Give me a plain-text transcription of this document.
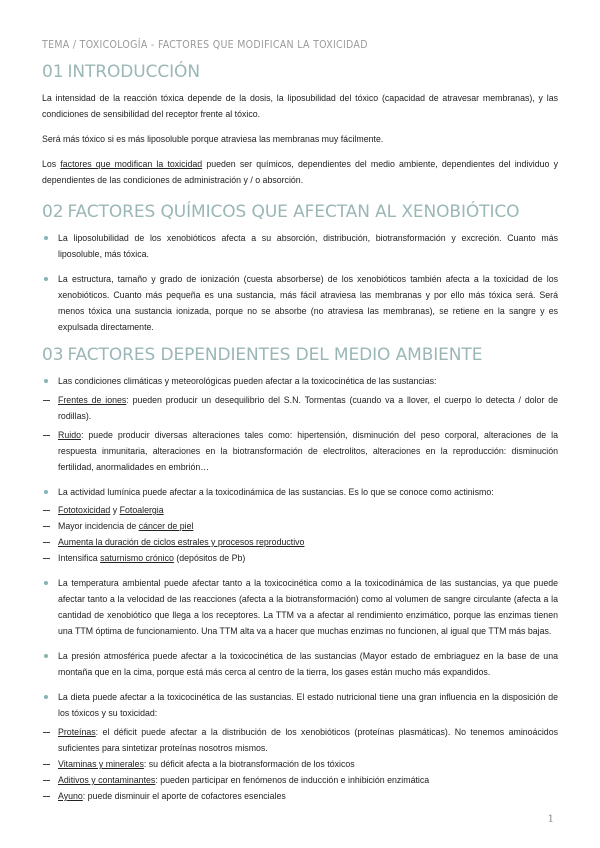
TEMA / TOXICOLOGÍA - FACTORES QUE MODIFICAN LA TOXICIDAD
01 INTRODUCCIÓN

La intensidad de la reacción tóxica depende de la dosis, la liposubilidad del tóxico (capacidad de atravesar membranas), y las condiciones de sensibilidad del receptor frente al tóxico.

Será más tóxico si es más liposoluble porque atraviesa las membranas muy fácilmente.

Los factores que modifican la toxicidad pueden ser químicos, dependientes del medio ambiente, dependientes del individuo y dependientes de las condiciones de administración y / o absorción.

02 FACTORES QUÍMICOS QUE AFECTAN AL XENOBIÓTICO
La liposolubilidad de los xenobióticos afecta a su absorción, distribución, biotransformación y excreción. Cuanto más liposoluble, más tóxica.
La estructura, tamaño y grado de ionización (cuesta absorberse) de los xenobióticos también afecta a la toxicidad de los xenobióticos. Cuanto más pequeña es una sustancia, más fácil atraviesa las membranas y por ello más tóxica será. Será menos tóxica una sustancia ionizada, porque no se absorbe (no atraviesa las membranas), se retiene en la sangre y es expulsada directamente.
03 FACTORES DEPENDIENTES DEL MEDIO AMBIENTE
Las condiciones climáticas y meteorológicas pueden afectar a la toxicocinética de las sustancias:
Frentes de iones: pueden producir un desequilibrio del S.N. Tormentas (cuando va a llover, el cuerpo lo detecta / dolor de rodillas).
Ruido: puede producir diversas alteraciones tales como: hipertensión, disminución del peso corporal, alteraciones de la respuesta inmunitaria, alteraciones en la biotransformación de electrolitos, alteraciones en la reproducción: disminución fertilidad, anormalidades en embrión…
La actividad lumínica puede afectar a la toxicodinámica de las sustancias. Es lo que se conoce como actinismo:
Fototoxicidad y Fotoalergia
Mayor incidencia de cáncer de piel
Aumenta la duración de ciclos estrales y procesos reproductivo
Intensifica saturnismo crónico (depósitos de Pb)
La temperatura ambiental puede afectar tanto a la toxicocinética como a la toxicodinámica de las sustancias, ya que puede afectar tanto a la velocidad de las reacciones (afecta a la biotransformación) como al volumen de sangre circulante (afecta a la cantidad de xenobiótico que llega a los receptores. La TTM va a afectar al rendimiento enzimático, porque las enzimas tienen una TTM óptima de funcionamiento. Una TTM alta va a hacer que muchas enzimas no funcionen, al igual que TTM más bajas.
La presión atmosférica puede afectar a la toxicocinética de las sustancias (Mayor estado de embriaguez en la base de una montaña que en la cima, porque está más cerca al centro de la tierra, los gases están mucho más expandidos.
La dieta puede afectar a la toxicocinética de las sustancias. El estado nutricional tiene una gran influencia en la disposición de los tóxicos y su toxicidad:
Proteínas: el déficit puede afectar a la distribución de los xenobióticos (proteínas plasmáticas). No tenemos aminoácidos suficientes para sintetizar proteínas nosotros mismos.
Vitaminas y minerales: su déficit afecta a la biotransformación de los tóxicos
Aditivos y contaminantes: pueden participar en fenómenos de inducción e inhibición enzimática
Ayuno: puede disminuir el aporte de cofactores esenciales
1
